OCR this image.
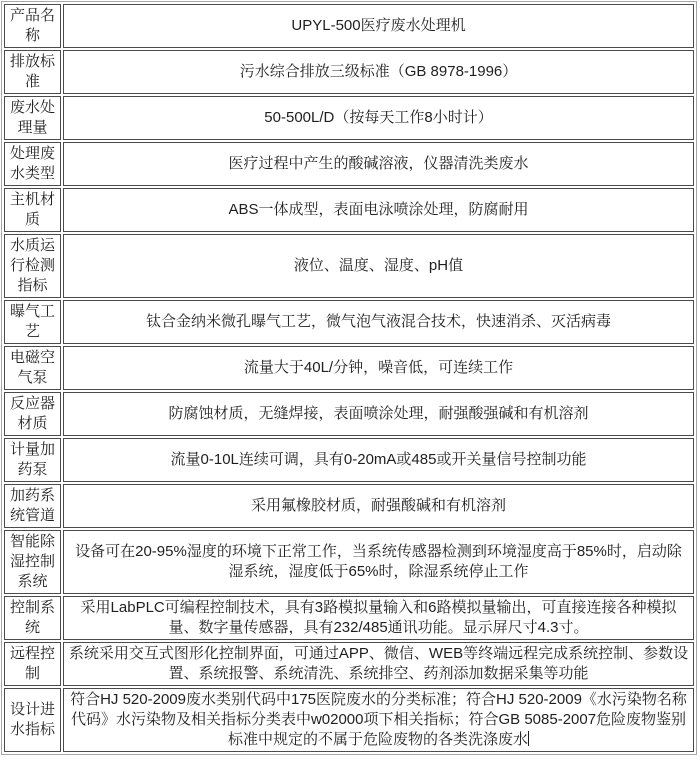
产品名称	UPYL-500医疗废水处理机
排放标准	污水综合排放三级标准（GB 8978-1996）
废水处理量	50-500L/D（按每天工作8小时计）
处理废水类型	医疗过程中产生的酸碱溶液，仪器清洗类废水
主机材质	ABS一体成型，表面电泳喷涂处理，防腐耐用
水质运行检测指标	液位、温度、湿度、pH值
曝气工艺	钛合金纳米微孔曝气工艺，微气泡气液混合技术，快速消杀、灭活病毒
电磁空气泵	流量大于40L/分钟，噪音低，可连续工作
反应器材质	防腐蚀材质，无缝焊接，表面喷涂处理，耐强酸强碱和有机溶剂
计量加药泵	流量0-10L连续可调，具有0-20mA或485或开关量信号控制功能
加药系统管道	采用氟橡胶材质，耐强酸碱和有机溶剂
智能除湿控制系统	设备可在20-95%湿度的环境下正常工作，当系统传感器检测到环境湿度高于85%时，启动除湿系统，湿度低于65%时，除湿系统停止工作
控制系统	采用LabPLC可编程控制技术，具有3路模拟量输入和6路模拟量输出，可直接连接各种模拟量、数字量传感器，具有232/485通讯功能。显示屏尺寸4.3寸。
远程控制	系统采用交互式图形化控制界面，可通过APP、微信、WEB等终端远程完成系统控制、参数设置、系统报警、系统清洗、系统排空、药剂添加数据采集等功能
设计进水指标	符合HJ 520-2009废水类别代码中175医院废水的分类标准；符合HJ 520-2009《水污染物名称代码》水污染物及相关指标分类表中w02000项下相关指标；符合GB 5085-2007危险废物鉴别标准中规定的不属于危险废物的各类洗涤废水
